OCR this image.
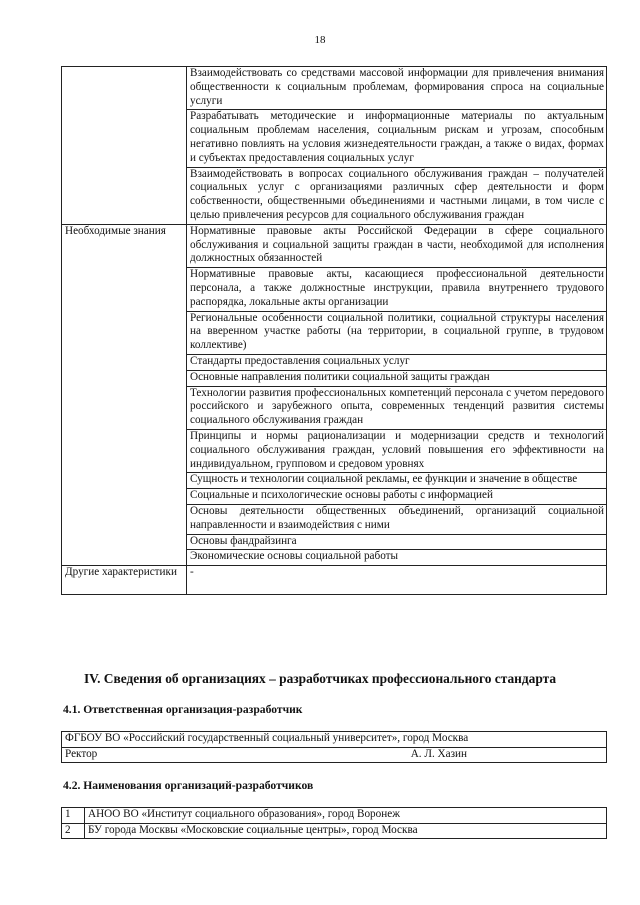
18
	Взаимодействовать со средствами массовой информации для привлечения внимания общественности к социальным проблемам, формирования спроса на социальные услуги
	Разрабатывать методические и информационные материалы по актуальным социальным проблемам населения, социальным рискам и угрозам, способным негативно повлиять на условия жизнедеятельности граждан, а также о видах, формах и субъектах предоставления социальных услуг
	Взаимодействовать в вопросах социального обслуживания граждан – получателей социальных услуг с организациями различных сфер деятельности и форм собственности, общественными объединениями и частными лицами, в том числе с целью привлечения ресурсов для социального обслуживания граждан
Необходимые знания	Нормативные правовые акты Российской Федерации в сфере социального обслуживания и социальной защиты граждан в части, необходимой для исполнения должностных обязанностей
	Нормативные правовые акты, касающиеся профессиональной деятельности персонала, а также должностные инструкции, правила внутреннего трудового распорядка, локальные акты организации
	Региональные особенности социальной политики, социальной структуры населения на вверенном участке работы (на территории, в социальной группе, в трудовом коллективе)
	Стандарты предоставления социальных услуг
	Основные направления политики социальной защиты граждан
	Технологии развития профессиональных компетенций персонала с учетом передового российского и зарубежного опыта, современных тенденций развития системы социального обслуживания граждан
	Принципы и нормы рационализации и модернизации средств и технологий социального обслуживания граждан, условий повышения его эффективности на индивидуальном, групповом и средовом уровнях
	Сущность и технологии социальной рекламы, ее функции и значение в обществе
	Социальные и психологические основы работы с информацией
	Основы деятельности общественных объединений, организаций социальной направленности и взаимодействия с ними
	Основы фандрайзинга
	Экономические основы социальной работы
Другие характеристики	-
IV. Сведения об организациях – разработчиках профессионального стандарта
4.1. Ответственная организация-разработчик
ФГБОУ ВО «Российский государственный социальный университет», город Москва

Ректор	А. Л. Хазин
4.2. Наименования организаций-разработчиков
1	АНОО ВО «Институт социального образования», город Воронеж
2	БУ города Москвы «Московские социальные центры», город Москва
